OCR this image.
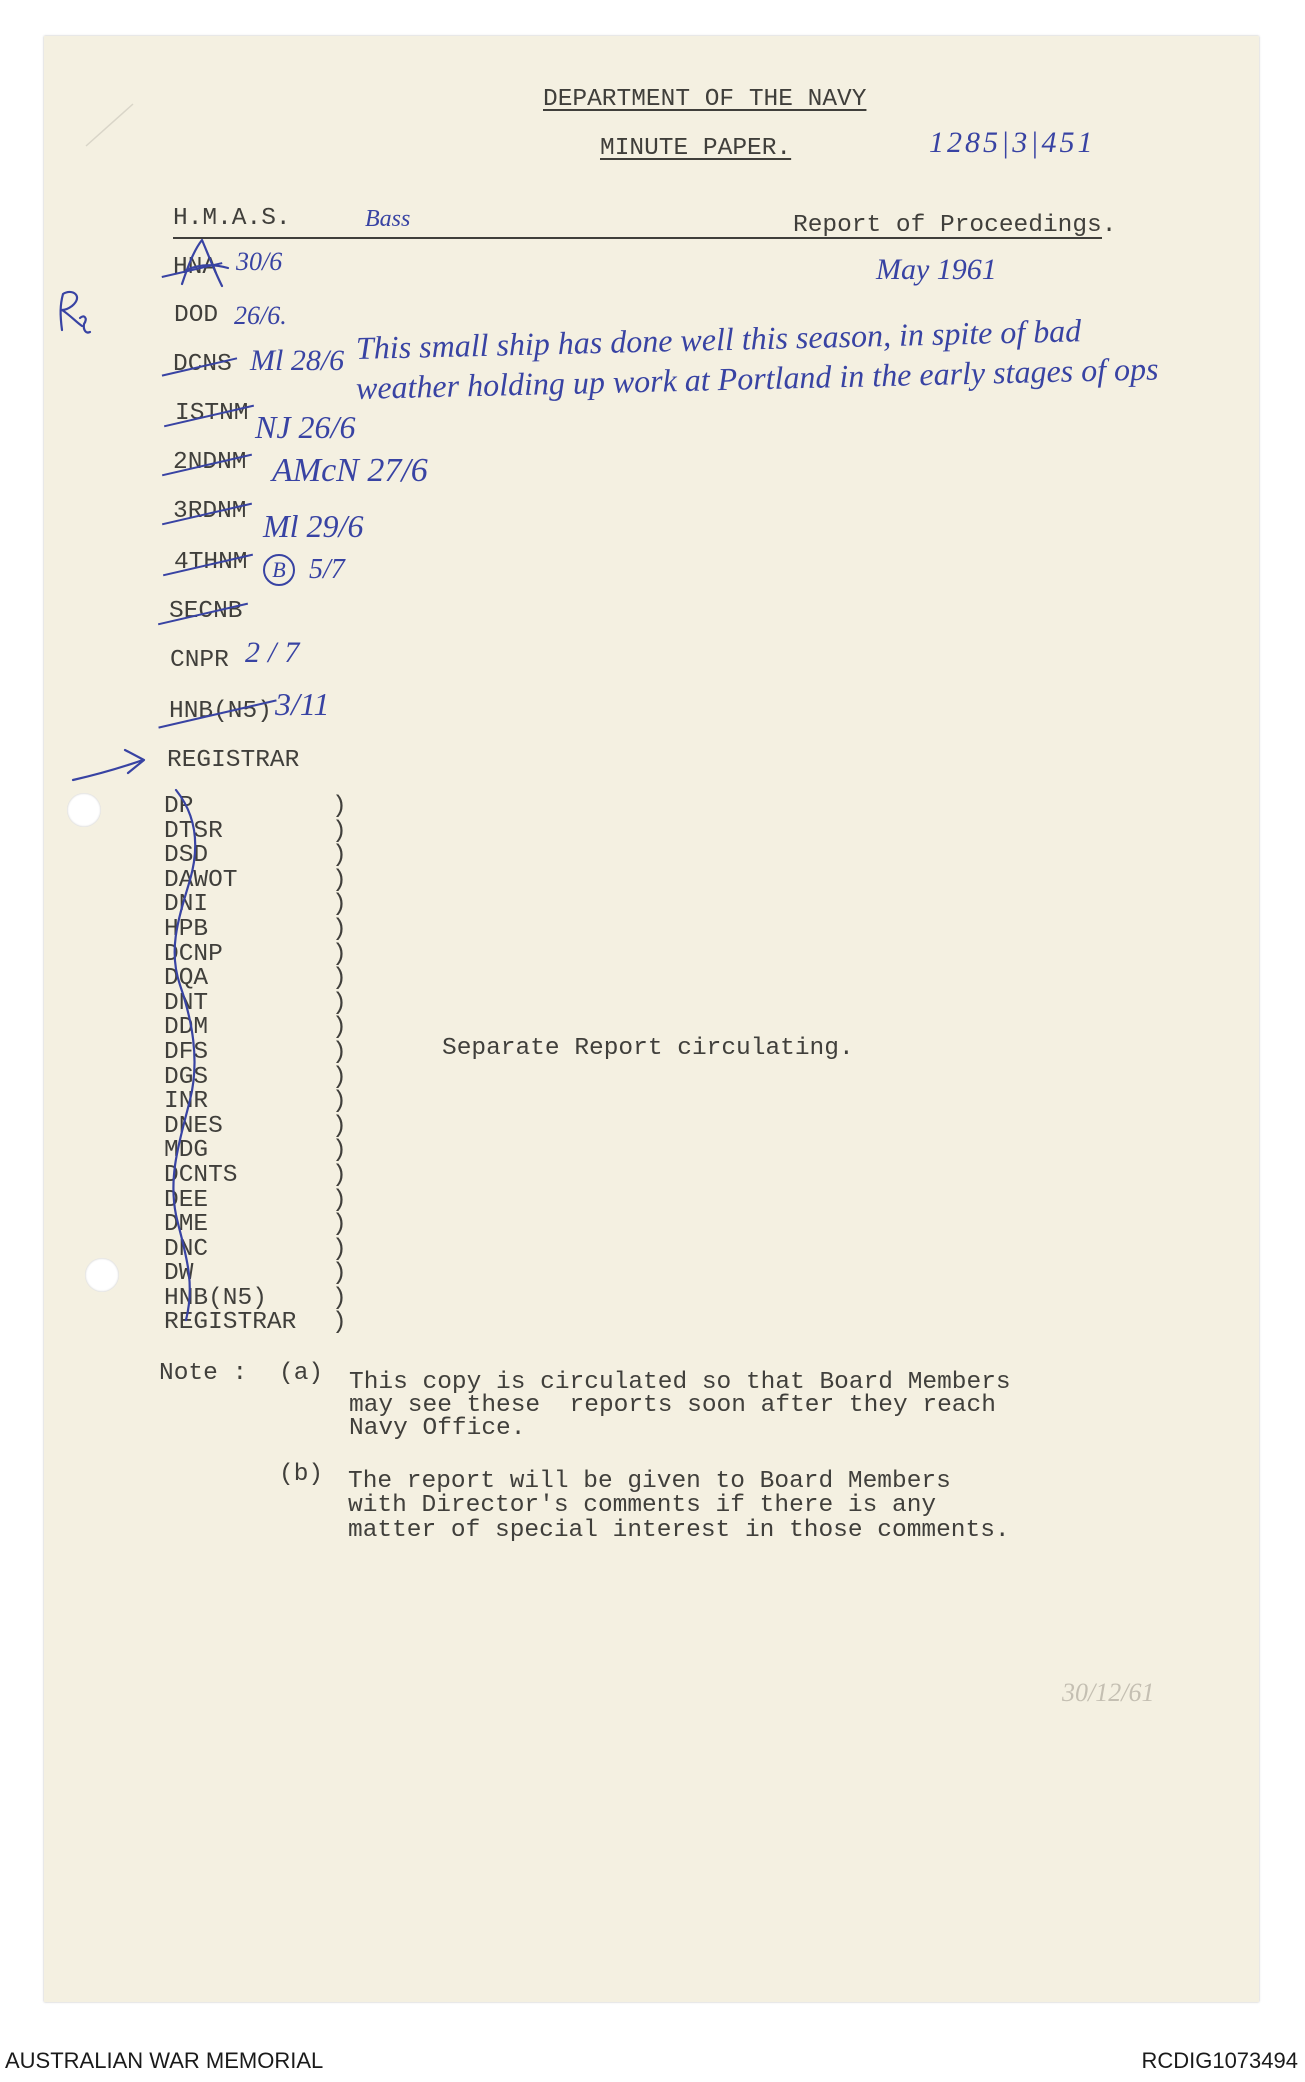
DEPARTMENT OF THE NAVY
MINUTE PAPER.	1285|3|451
H.M.A.S.	Bass	Report of Proceedings.
May 1961
HNA 30/6
DOD 26/6.
DCNS Ml 28/6 This small ship has done well this season, in spite of bad
weather holding up work at Portland in the early stages of ops
ISTNM NJ 26/6
2NDNM AMcN 27/6
3RDNM Ml 29/6
4THNM	B 5/7
SECNB
CNPR 2/7
HNB(N5) 3/11
REGISTRAR
DP	)
DTSR	)
DSD	)
DAWOT	)
DNI	)
HPB	)
DCNP	)
DQA	)
DNT	)
DDM	)
DFS	)
DGS	)
INR	)
DNES	)
MDG	)
DCNTS	)
DEE	)
DME	)
DNC	)
DW	)
HNB(N5)	)
REGISTRAR )
Separate Report circulating.
Note : (a) This copy is circulated so that Board Members
may see these  reports soon after they reach
Navy Office.
(b) The report will be given to Board Members
with Director's comments if there is any
matter of special interest in those comments.
30/12/61
AUSTRALIAN WAR MEMORIAL	RCDIG1073494
